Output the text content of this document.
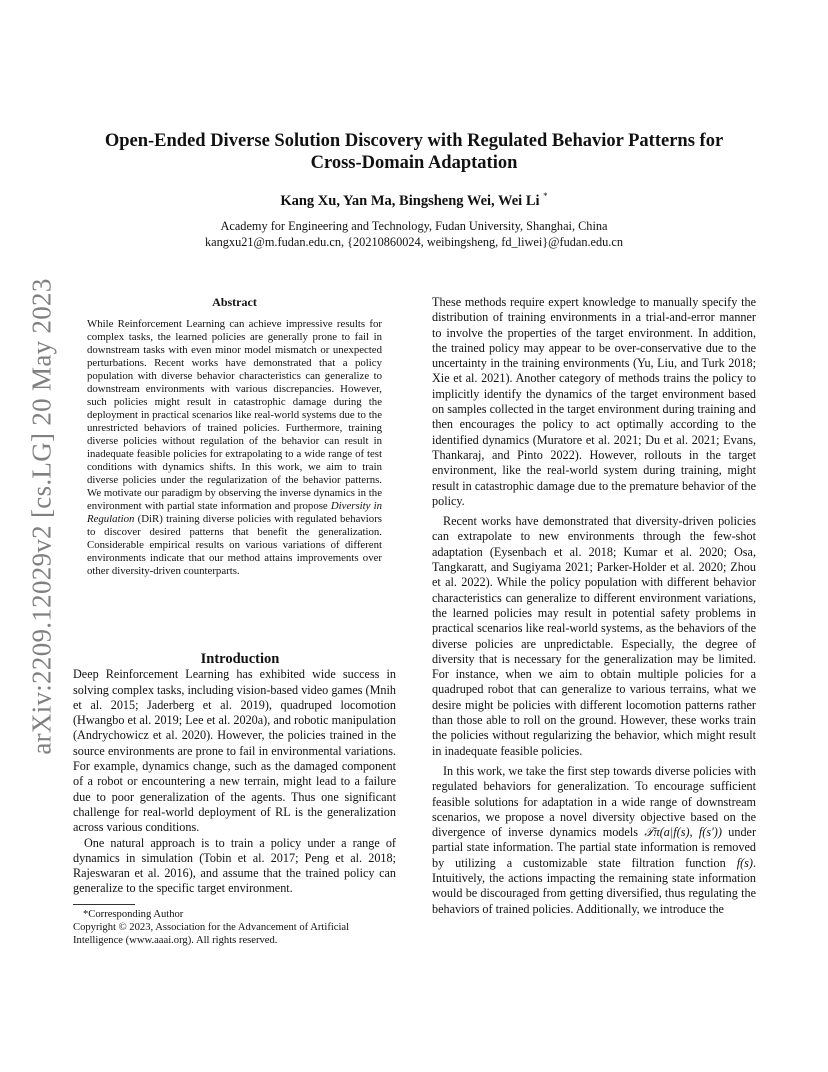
arXiv:2209.12029v2 [cs.LG] 20 May 2023
Open-Ended Diverse Solution Discovery with Regulated Behavior Patterns for
Cross-Domain Adaptation
Kang Xu, Yan Ma, Bingsheng Wei, Wei Li *
Academy for Engineering and Technology, Fudan University, Shanghai, China
kangxu21@m.fudan.edu.cn, {20210860024, weibingsheng, fd_liwei}@fudan.edu.cn
Abstract
While Reinforcement Learning can achieve impressive results for complex tasks, the learned policies are generally prone to fail in downstream tasks with even minor model mismatch or unexpected perturbations. Recent works have demonstrated that a policy population with diverse behavior characteristics can generalize to downstream environments with various discrepancies. However, such policies might result in catastrophic damage during the deployment in practical scenarios like real-world systems due to the unrestricted behaviors of trained policies. Furthermore, training diverse policies without regulation of the behavior can result in inadequate feasible policies for extrapolating to a wide range of test conditions with dynamics shifts. In this work, we aim to train diverse policies under the regularization of the behavior patterns. We motivate our paradigm by observing the inverse dynamics in the environment with partial state information and propose Diversity in Regulation (DiR) training diverse policies with regulated behaviors to discover desired patterns that benefit the generalization. Considerable empirical results on various variations of different environments indicate that our method attains improvements over other diversity-driven counterparts.

Introduction

Deep Reinforcement Learning has exhibited wide success in solving complex tasks, including vision-based video games (Mnih et al. 2015; Jaderberg et al. 2019), quadruped locomotion (Hwangbo et al. 2019; Lee et al. 2020a), and robotic manipulation (Andrychowicz et al. 2020). However, the policies trained in the source environments are prone to fail in environmental variations. For example, dynamics change, such as the damaged component of a robot or encountering a new terrain, might lead to a failure due to poor generalization of the agents. Thus one significant challenge for real-world deployment of RL is the generalization across various conditions.

One natural approach is to train a policy under a range of dynamics in simulation (Tobin et al. 2017; Peng et al. 2018; Rajeswaran et al. 2016), and assume that the trained policy can generalize to the specific target environment.

*Corresponding Author

Copyright © 2023, Association for the Advancement of Artificial Intelligence (www.aaai.org). All rights reserved.

These methods require expert knowledge to manually specify the distribution of training environments in a trial-and-error manner to involve the properties of the target environment. In addition, the trained policy may appear to be over-conservative due to the uncertainty in the training environments (Yu, Liu, and Turk 2018; Xie et al. 2021). Another category of methods trains the policy to implicitly identify the dynamics of the target environment based on samples collected in the target environment during training and then encourages the policy to act optimally according to the identified dynamics (Muratore et al. 2021; Du et al. 2021; Evans, Thankaraj, and Pinto 2022). However, rollouts in the target environment, like the real-world system during training, might result in catastrophic damage due to the premature behavior of the policy.

Recent works have demonstrated that diversity-driven policies can extrapolate to new environments through the few-shot adaptation (Eysenbach et al. 2018; Kumar et al. 2020; Osa, Tangkaratt, and Sugiyama 2021; Parker-Holder et al. 2020; Zhou et al. 2022). While the policy population with different behavior characteristics can generalize to different environment variations, the learned policies may result in potential safety problems in practical scenarios like real-world systems, as the behaviors of the diverse policies are unpredictable. Especially, the degree of diversity that is necessary for the generalization may be limited. For instance, when we aim to obtain multiple policies for a quadruped robot that can generalize to various terrains, what we desire might be policies with different locomotion patterns rather than those able to roll on the ground. However, these works train the policies without regularizing the behavior, which might result in inadequate feasible policies.

In this work, we take the first step towards diverse policies with regulated behaviors for generalization. To encourage sufficient feasible solutions for adaptation in a wide range of downstream scenarios, we propose a novel diversity objective based on the divergence of inverse dynamics models 𝒯π(a|f(s), f(s′)) under partial state information. The partial state information is removed by utilizing a customizable state filtration function f(s). Intuitively, the actions impacting the remaining state information would be discouraged from getting diversified, thus regulating the behaviors of trained policies. Additionally, we introduce the
